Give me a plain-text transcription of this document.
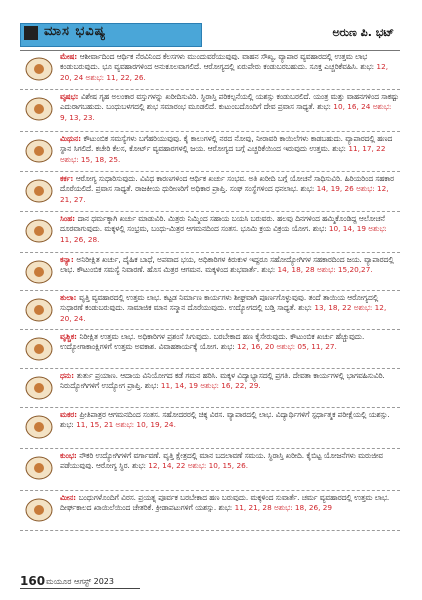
ಮಾಸ ಭವಿಷ್ಯ	ಅರುಣ ಪಿ. ಭಟ್
ಮೇಷ: ಆಶೀರ್ವಾದಿಂದ ಆರ್ಥಿಕ ನೆರವಿನಿಂದ ಕೆಲಸಗಳು ಮುಂದುವರೆಯುವುವು. ವಾಹನ ಸೌಖ್ಯ, ವ್ಯಾಪಾರ ವ್ಯವಹಾರದಲ್ಲಿ ಉತ್ತಮ ಲಾಭ ಕಂಡುಬರುವುದು. ಭೂ ವ್ಯವಹಾರಗಳಿಂದ ಅನುಕೂಲವಾಗಲಿದೆ. ಆರೋಗ್ಯದಲ್ಲಿ ಏರುಪೇರು ಕಂಡುಬರಬಹುದು. ಸೂಕ್ತ ಎಚ್ಚರಿಕೆವಹಿಸಿ. ಶುಭ: 12, 20, 24 ಅಶುಭ: 11, 22, 26.
ವೃಷಭ: ವಿಶೇಷ ಗೃಹ ಅಲಂಕಾರ ವಸ್ತುಗಳನ್ನು ಖರೀದಿಸುವಿರಿ. ಸ್ಥಿರಾಸ್ತಿ ಪರಿಕಲ್ಪನೆಯಲ್ಲಿ ಯಶಸ್ಸು ಕಂಡುಬರಲಿದೆ. ಯಂತ್ರ ಮತ್ತು ವಾಹನಗಳಿಂದ ಸಾಕಷ್ಟು ಎದುರಾಗಬಹುದು. ಬಂಧುಬಳಗದಲ್ಲಿ ಶುಭ ಸಮಾರಂಭ ಮೂಡಲಿದೆ. ಕುಟುಂಬದೊಂದಿಗೆ ದೇವ ಪ್ರವಾಸ ಸಾಧ್ಯತೆ. ಶುಭ: 10, 16, 24 ಅಶುಭ: 9, 13, 23.
ಮಿಥುನ: ಕೌಟುಂಬಿಕ ಸಮಸ್ಯೆಗಳು ಬಗೆಹರಿಯುವುವು. ಕೈ ಕಾಲುಗಳಲ್ಲಿ ನರದ ನೋವು, ನೀರಾವರಿ ಕಾಯಿಲೆಗಳು ಕಾಡಬಹುದು. ವ್ಯಾಪಾರದಲ್ಲಿ ಹಣದ ಸ್ಥಾನ ಸಿಗಲಿದೆ. ಕಚೇರಿ ಕೆಲಸ, ಕೋರ್ಟ್ ವ್ಯವಹಾರಗಳಲ್ಲಿ ಜಯ. ಆರೋಗ್ಯದ ಬಗ್ಗೆ ಎಚ್ಚರಿಕೆಯಿಂದ ಇರುವುದು ಉತ್ತಮ. ಶುಭ: 11, 17, 22 ಅಶುಭ: 15, 18, 25.
ಕರ್ಕ: ಆರೋಗ್ಯ ಸುಧಾರಿಸುವುದು. ವಿವಿಧ ಕಾರಣಗಳಿಂದ ಆರ್ಥಿಕ ಖರ್ಚು ಸಂಭವ. ಅತಿ ಖರೀದಿ ಬಗ್ಗೆ ಯೋಚನೆ ಸಾಧಿಸುವಿರಿ. ಹಿರಿಯರಿಂದ ಸಹಕಾರ ದೊರೆಯಲಿದೆ. ಪ್ರವಾಸ ಸಾಧ್ಯತೆ. ರಾಜಕೀಯ ಧುರೀಣರಿಗೆ ಅಧಿಕಾರ ಪ್ರಾಪ್ತಿ. ಸಂಘ ಸಂಸ್ಥೆಗಳಿಂದ ಧನಲಾಭ. ಶುಭ: 14, 19, 26 ಅಶುಭ: 12, 21, 27.
ಸಿಂಹ: ದಾನ ಧರ್ಮಕ್ಕಾಗಿ ಖರ್ಚು ಮಾಡುವಿರಿ. ಮಿತ್ರರು ನಿಮ್ಮಿಂದ ಸಹಾಯ ಬಯಸಿ ಬರುವರು. ಹಲವು ದಿನಗಳಿಂದ ಹಮ್ಮಿಕೊಂಡಿದ್ದ ಆಲೋಚನೆ ದೂರವಾಗುವುದು. ಮಕ್ಕಳಲ್ಲಿ ಸಂಭ್ರಮ, ಬಂಧು-ಮಿತ್ರರ ಆಗಮನದಿಂದ ಸಂತಸ. ಭೂಮಿ ಕ್ರಯ ವಿಕ್ರಯ ಯೋಗ. ಶುಭ: 10, 14, 19 ಅಶುಭ: 11, 26, 28.
ಕನ್ಯಾ: ಅನಿರೀಕ್ಷಿತ ಖರ್ಚು, ದೈಹಿಕ ಬಾಧೆ, ಅಪವಾದ ಭಯ, ಅಧಿಕಾರಿಗಳ ಕಿರುಕುಳ ಇದ್ದರೂ ಸಹೋದ್ಯೋಗಿಗಳ ಸಹಕಾರದಿಂದ ಜಯ. ವ್ಯಾಪಾರದಲ್ಲಿ ಲಾಭ. ಕೌಟುಂಬಿಕ ಸಮಸ್ಯೆ ನಿವಾರಣೆ. ಹೊಸ ಮಿತ್ರರ ಆಗಮನ. ಮಕ್ಕಳಿಂದ ಶುಭವಾರ್ತೆ. ಶುಭ: 14, 18, 28 ಅಶುಭ: 15,20,27.
ತುಲಾ: ವೃತ್ತಿ ವ್ಯವಹಾರದಲ್ಲಿ ಉತ್ತಮ ಲಾಭ. ಕಟ್ಟಡ ನಿರ್ಮಾಣ ಕಾರ್ಯಗಳು ಶೀಘ್ರವಾಗಿ ಪೂರ್ಣಗೊಳ್ಳುವುವು. ತಂದೆ ತಾಯಿಯ ಆರೋಗ್ಯದಲ್ಲಿ ಸುಧಾರಣೆ ಕಂಡುಬರುವುದು. ಸಾಮಾಜಿಕ ಮಾನ ಸನ್ಮಾನ ದೊರೆಯುವುದು. ಉದ್ಯೋಗದಲ್ಲಿ ಬಡ್ತಿ ಸಾಧ್ಯತೆ. ಶುಭ: 13, 18, 22 ಅಶುಭ: 12, 20, 24.
ವೃಶ್ಚಿಕ: ನಿರೀಕ್ಷಿತ ಉತ್ತಮ ಲಾಭ. ಅಧಿಕಾರಿಗಳ ಪ್ರಶಂಸೆ ಸಿಗುವುದು. ಬರಬೇಕಾದ ಹಣ ಕೈಸೇರುವುದು. ಕೌಟುಂಬಿಕ ಖರ್ಚು ಹೆಚ್ಚುವುದು. ಉದ್ಯೋಗಾಕಾಂಕ್ಷಿಗಳಿಗೆ ಉತ್ತಮ ಅವಕಾಶ. ವಿವಾಹಕಾರ್ಯಕ್ಕೆ ಯೋಗ. ಶುಭ: 12, 16, 20 ಅಶುಭ: 05, 11, 27.
ಧನು: ತುರ್ತು ಪ್ರಯಾಣ. ಆದಾಯ ವಿನಿಯೋಗದ ಕಡೆ ಗಮನ ಹರಿಸಿ. ಮಕ್ಕಳ ವಿದ್ಯಾಭ್ಯಾಸದಲ್ಲಿ ಪ್ರಗತಿ. ದೇವತಾ ಕಾರ್ಯಗಳಲ್ಲಿ ಭಾಗವಹಿಸುವಿರಿ. ನಿರುದ್ಯೋಗಿಗಳಿಗೆ ಉದ್ಯೋಗ ಪ್ರಾಪ್ತಿ. ಶುಭ: 11, 14, 19 ಅಶುಭ: 16, 22, 29.
ಮಕರ: ಪ್ರೀತಿಪಾತ್ರರ ಆಗಮನದಿಂದ ಸಂತಸ. ಸಹೋದರರಲ್ಲಿ ಚಿಕ್ಕ ವಿರಸ. ವ್ಯಾಪಾರದಲ್ಲಿ ಲಾಭ. ವಿದ್ಯಾರ್ಥಿಗಳಿಗೆ ಸ್ಪರ್ಧಾತ್ಮಕ ಪರೀಕ್ಷೆಯಲ್ಲಿ ಯಶಸ್ಸು. ಶುಭ: 11, 15, 21 ಅಶುಭ: 10, 19, 24.
ಕುಂಭ: ನೌಕರಿ ಉದ್ಯೋಗಿಗಳಿಗೆ ವರ್ಗಾವಣೆ. ವೃತ್ತಿ ಕ್ಷೇತ್ರದಲ್ಲಿ ಮಾನ ಬದಲಾವಣೆ ಸಮಯ. ಸ್ಥಿರಾಸ್ತಿ ಖರೀದಿ. ಕೈಬಿಟ್ಟ ಯೋಜನೆಗಳು ಮರುಜೀವ ಪಡೆಯುವುವು. ಆರೋಗ್ಯ ಸ್ಥಿರ. ಶುಭ: 12, 14, 22 ಅಶುಭ: 10, 15, 26.
ಮೀನ: ಬಂಧುಗಳೊಂದಿಗೆ ವಿರಸ. ಪ್ರಯತ್ನ ಪೂರ್ವಕ ಬರಬೇಕಾದ ಹಣ ಬರುವುದು. ಮಕ್ಕಳಿಂದ ಸುವಾರ್ತೆ. ಚರ್ಮ ವ್ಯವಹಾರದಲ್ಲಿ ಉತ್ತಮ ಲಾಭ. ದೀರ್ಘಕಾಲದ ಖಾಯಿಲೆಯಿಂದ ಚೇತರಿಕೆ. ಕ್ರೀಡಾಪಟುಗಳಿಗೆ ಯಶಸ್ಸು. ಶುಭ: 11, 21, 28 ಅಶುಭ: 18, 26, 29
160 ಮಯೂರ ಆಗಸ್ಟ್ 2023
